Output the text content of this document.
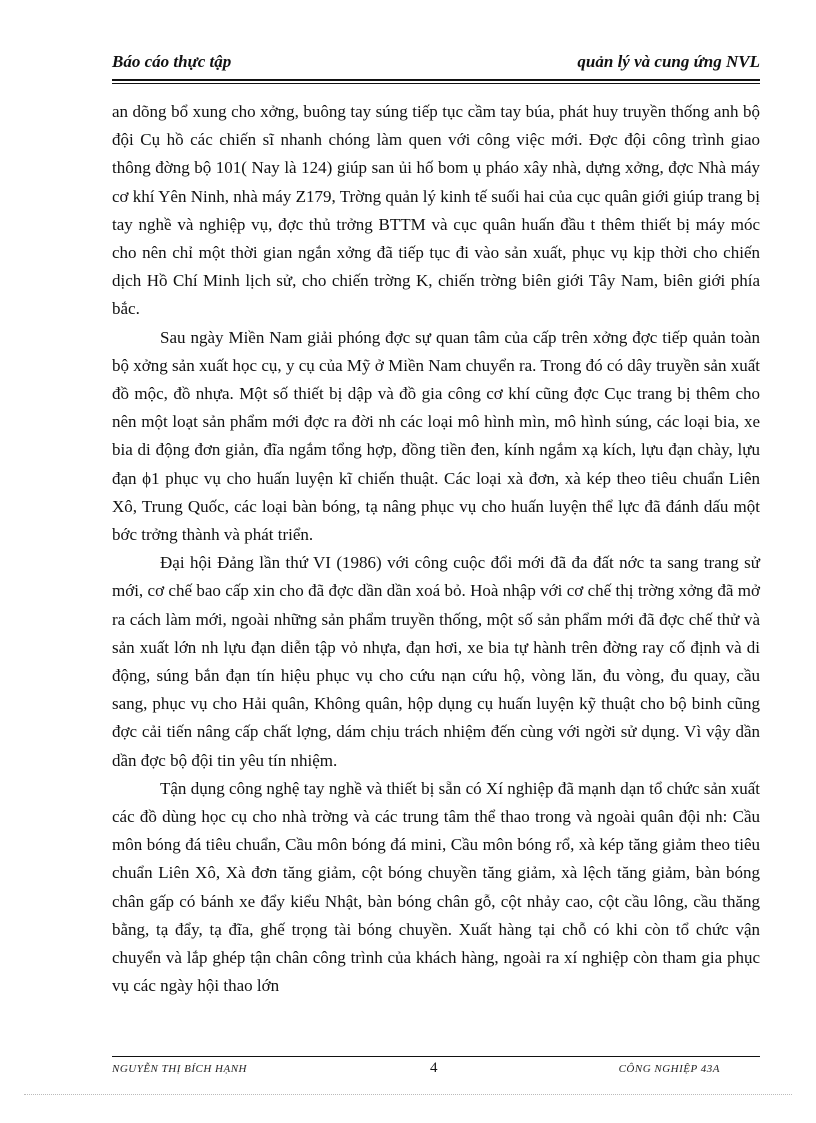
Báo cáo thực tập	quản lý và cung ứng NVL

an dõng bổ xung cho xởng, buông tay súng tiếp tục cầm tay búa, phát huy truyền thống anh bộ đội Cụ hồ các chiến sĩ nhanh chóng làm quen với công việc mới. Đợc đội công trình giao thông đờng bộ 101( Nay là 124) giúp san ủi hố bom ụ pháo xây nhà, dựng xởng, đợc Nhà máy cơ khí Yên Ninh, nhà máy Z179, Trờng quản lý kinh tế suối hai của cục quân giới giúp trang bị tay nghề và nghiệp vụ, đợc thủ trởng BTTM và cục quân huấn đầu t thêm thiết bị máy móc cho nên chỉ một thời gian ngắn xởng đã tiếp tục đi vào sản xuất, phục vụ kịp thời cho chiến dịch Hồ Chí Minh lịch sử, cho chiến trờng K, chiến trờng biên giới Tây Nam, biên giới phía bắc.

Sau ngày Miền Nam giải phóng đợc sự quan tâm của cấp trên xởng đợc tiếp quản toàn bộ xởng sản xuất học cụ, y cụ của Mỹ ở Miền Nam chuyển ra. Trong đó có dây truyền sản xuất đồ mộc, đồ nhựa. Một số thiết bị dập và đồ gia công cơ khí cũng đợc Cục trang bị thêm cho nên một loạt sản phẩm mới đợc ra đời nh các loại mô hình mìn, mô hình súng, các loại bia, xe bia di động đơn giản, đĩa ngắm tổng hợp, đồng tiền đen, kính ngắm xạ kích, lựu đạn chày, lựu đạn ϕ1 phục vụ cho huấn luyện kĩ chiến thuật. Các loại xà đơn, xà kép theo tiêu chuẩn Liên Xô, Trung Quốc, các loại bàn bóng, tạ nâng phục vụ cho huấn luyện thể lực đã đánh dấu một bớc trởng thành và phát triển.

Đại hội Đảng lần thứ VI (1986) với công cuộc đổi mới đã đa đất nớc ta sang trang sử mới, cơ chế bao cấp xin cho đã đợc dần dần xoá bỏ. Hoà nhập với cơ chế thị trờng xởng đã mở ra cách làm mới, ngoài những sản phẩm truyền thống, một số sản phẩm mới đã đợc chế thử và sản xuất lớn nh lựu đạn diễn tập vỏ nhựa, đạn hơi, xe bia tự hành trên đờng ray cố định và di động, súng bắn đạn tín hiệu phục vụ cho cứu nạn cứu hộ, vòng lăn, đu vòng, đu quay, cầu sang, phục vụ cho Hải quân, Không quân, hộp dụng cụ huấn luyện kỹ thuật cho bộ binh cũng đợc cải tiến nâng cấp chất lợng, dám chịu trách nhiệm đến cùng với ngời sử dụng. Vì vậy dần dần đợc bộ đội tin yêu tín nhiệm.

Tận dụng công nghệ tay nghề và thiết bị sẵn có Xí nghiệp đã mạnh dạn tổ chức sản xuất các đồ dùng học cụ cho nhà trờng và các trung tâm thể thao trong và ngoài quân đội nh: Cầu môn bóng đá tiêu chuẩn, Cầu môn bóng đá mini, Cầu môn bóng rổ, xà kép tăng giảm theo tiêu chuẩn Liên Xô, Xà đơn tăng giảm, cột bóng chuyền tăng giảm, xà lệch tăng giảm, bàn bóng chân gấp có bánh xe đẩy kiểu Nhật, bàn bóng chân gỗ, cột nhảy cao, cột cầu lông, cầu thăng bằng, tạ đẩy, tạ đĩa, ghế trọng tài bóng chuyền. Xuất hàng tại chỗ có khi còn tổ chức vận chuyển và lắp ghép tận chân công trình của khách hàng, ngoài ra xí nghiệp còn tham gia phục vụ các ngày hội thao lớn

NGUYỄN THỊ BÍCH HẠNH	4	CÔNG NGHIỆP 43A
